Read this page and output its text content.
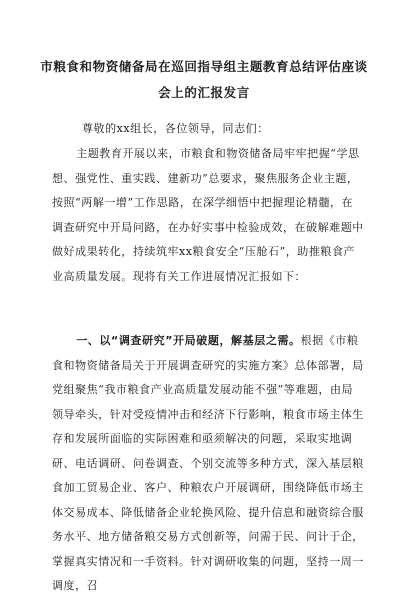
市粮食和物资储备局在巡回指导组主题教育总结评估座谈
会上的汇报发言

尊敬的xx组长，各位领导，同志们：

主题教育开展以来，市粮食和物资储备局牢牢把握“学思想、强党性、重实践、建新功”总要求，聚焦服务企业主题，按照“两解一增”工作思路，在深学细悟中把握理论精髓，在调查研究中开局问路，在办好实事中检验成效，在破解难题中做好成果转化，持续筑牢xx粮食安全“压舱石”，助推粮食产业高质量发展。现将有关工作进展情况汇报如下：

一、以“调查研究”开局破题，解基层之需。根据《市粮食和物资储备局关于开展调查研究的实施方案》总体部署，局党组聚焦“我市粮食产业高质量发展动能不强”等难题，由局领导牵头，针对受疫情冲击和经济下行影响，粮食市场主体生存和发展所面临的实际困难和亟须解决的问题，采取实地调研、电话调研、问卷调查、个别交流等多种方式，深入基层粮食加工贸易企业、客户、种粮农户开展调研，围绕降低市场主体交易成本、降低储备企业轮换风险、提升信息和融资综合服务水平、地方储备粮交易方式创新等，问需于民、问计于企，掌握真实情况和一手资料。针对调研收集的问题，坚持一周一调度，召
